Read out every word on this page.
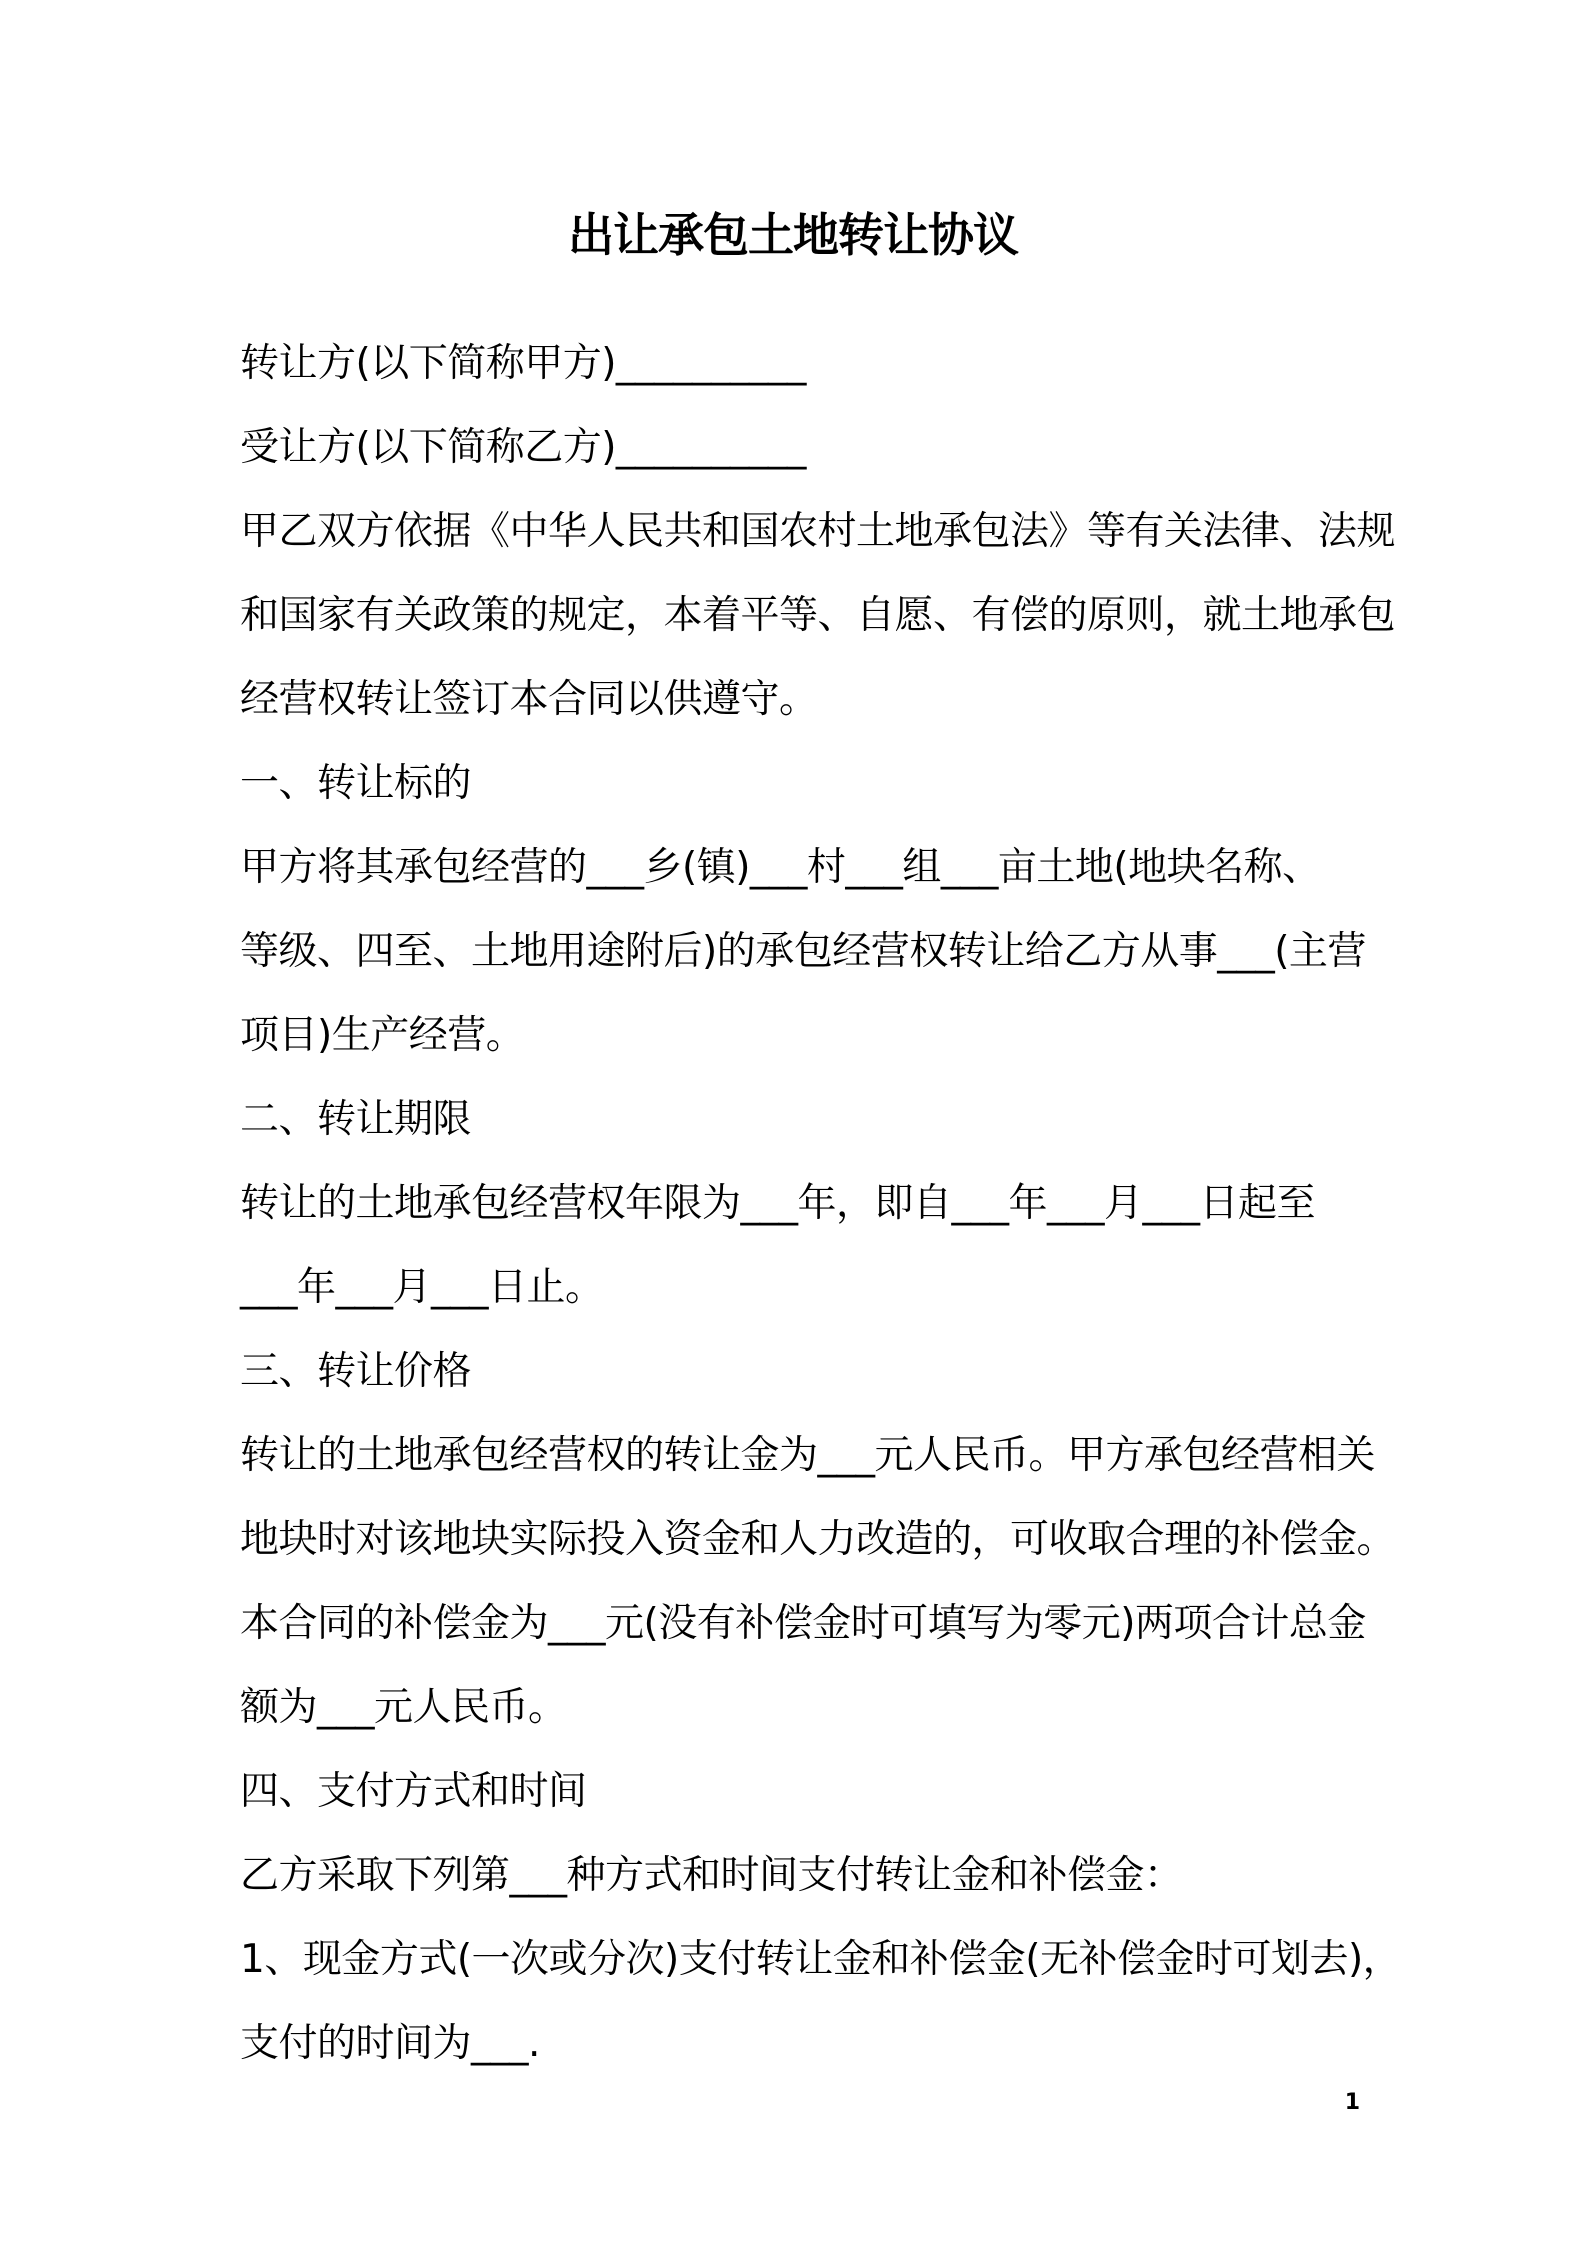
出让承包土地转让协议

转让方(以下简称甲方)__________

受让方(以下简称乙方)__________

甲乙双方依据《中华人民共和国农村土地承包法》等有关法律、法规

和国家有关政策的规定，本着平等、自愿、有偿的原则，就土地承包

经营权转让签订本合同以供遵守。

一、转让标的

甲方将其承包经营的___乡(镇)___村___组___亩土地(地块名称、

等级、四至、土地用途附后)的承包经营权转让给乙方从事___(主营

项目)生产经营。

二、转让期限

转让的土地承包经营权年限为___年，即自___年___月___日起至

___年___月___日止。

三、转让价格

转让的土地承包经营权的转让金为___元人民币。甲方承包经营相关

地块时对该地块实际投入资金和人力改造的，可收取合理的补偿金。

本合同的补偿金为___元(没有补偿金时可填写为零元)两项合计总金

额为___元人民币。

四、支付方式和时间

乙方采取下列第___种方式和时间支付转让金和补偿金：

1、现金方式(一次或分次)支付转让金和补偿金(无补偿金时可划去)，

支付的时间为___.

1
